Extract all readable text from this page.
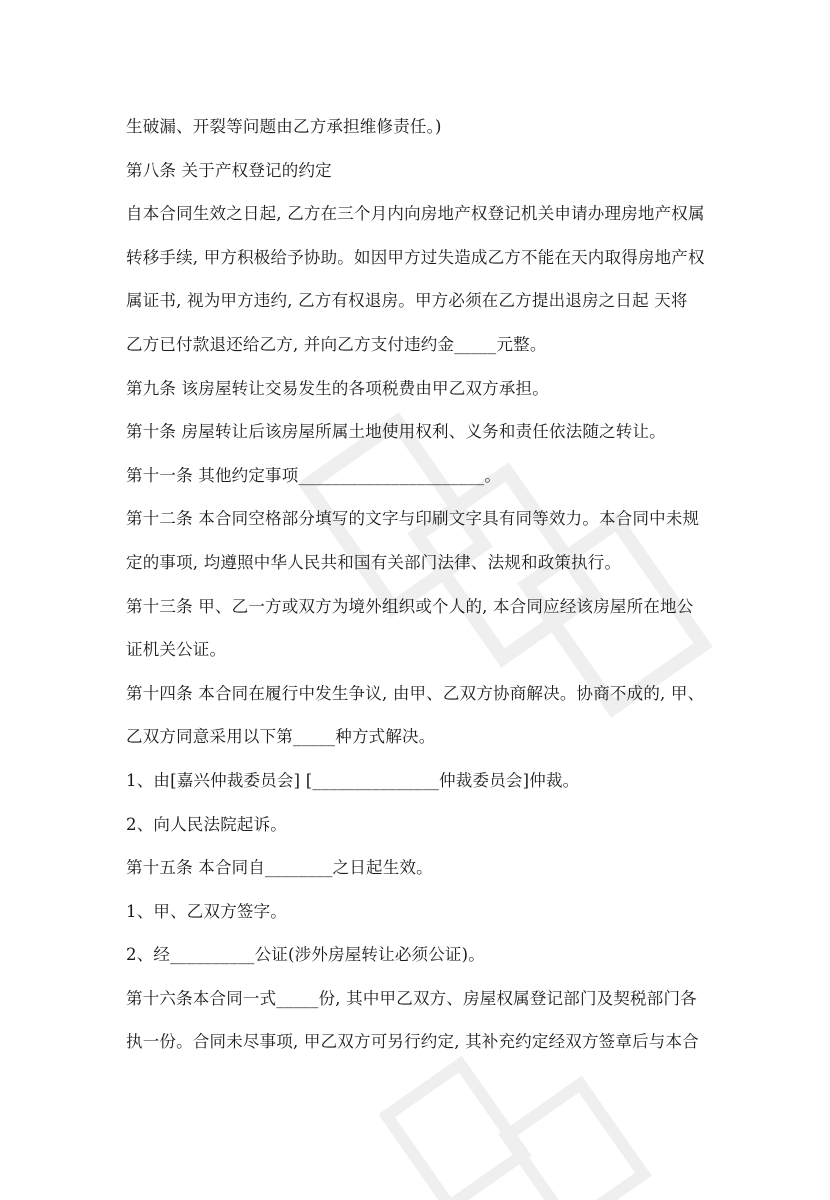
生破漏、开裂等问题由乙方承担维修责任。)
第八条 关于产权登记的约定
自本合同生效之日起, 乙方在三个月内向房地产权登记机关申请办理房地产权属
转移手续, 甲方积极给予协助。如因甲方过失造成乙方不能在天内取得房地产权
属证书, 视为甲方违约, 乙方有权退房。甲方必须在乙方提出退房之日起 天将
乙方已付款退还给乙方, 并向乙方支付违约金_____元整。
第九条 该房屋转让交易发生的各项税费由甲乙双方承担。
第十条 房屋转让后该房屋所属土地使用权利、义务和责任依法随之转让。
第十一条 其他约定事项______________________。
第十二条 本合同空格部分填写的文字与印刷文字具有同等效力。本合同中未规
定的事项, 均遵照中华人民共和国有关部门法律、法规和政策执行。
第十三条 甲、乙一方或双方为境外组织或个人的, 本合同应经该房屋所在地公
证机关公证。
第十四条 本合同在履行中发生争议, 由甲、乙双方协商解决。协商不成的, 甲、
乙双方同意采用以下第_____种方式解决。
1、由[嘉兴仲裁委员会] [_______________仲裁委员会]仲裁。
2、向人民法院起诉。
第十五条 本合同自________之日起生效。
1、甲、乙双方签字。
2、经__________公证(涉外房屋转让必须公证)。
第十六条本合同一式_____份, 其中甲乙双方、房屋权属登记部门及契税部门各
执一份。合同未尽事项, 甲乙双方可另行约定, 其补充约定经双方签章后与本合
